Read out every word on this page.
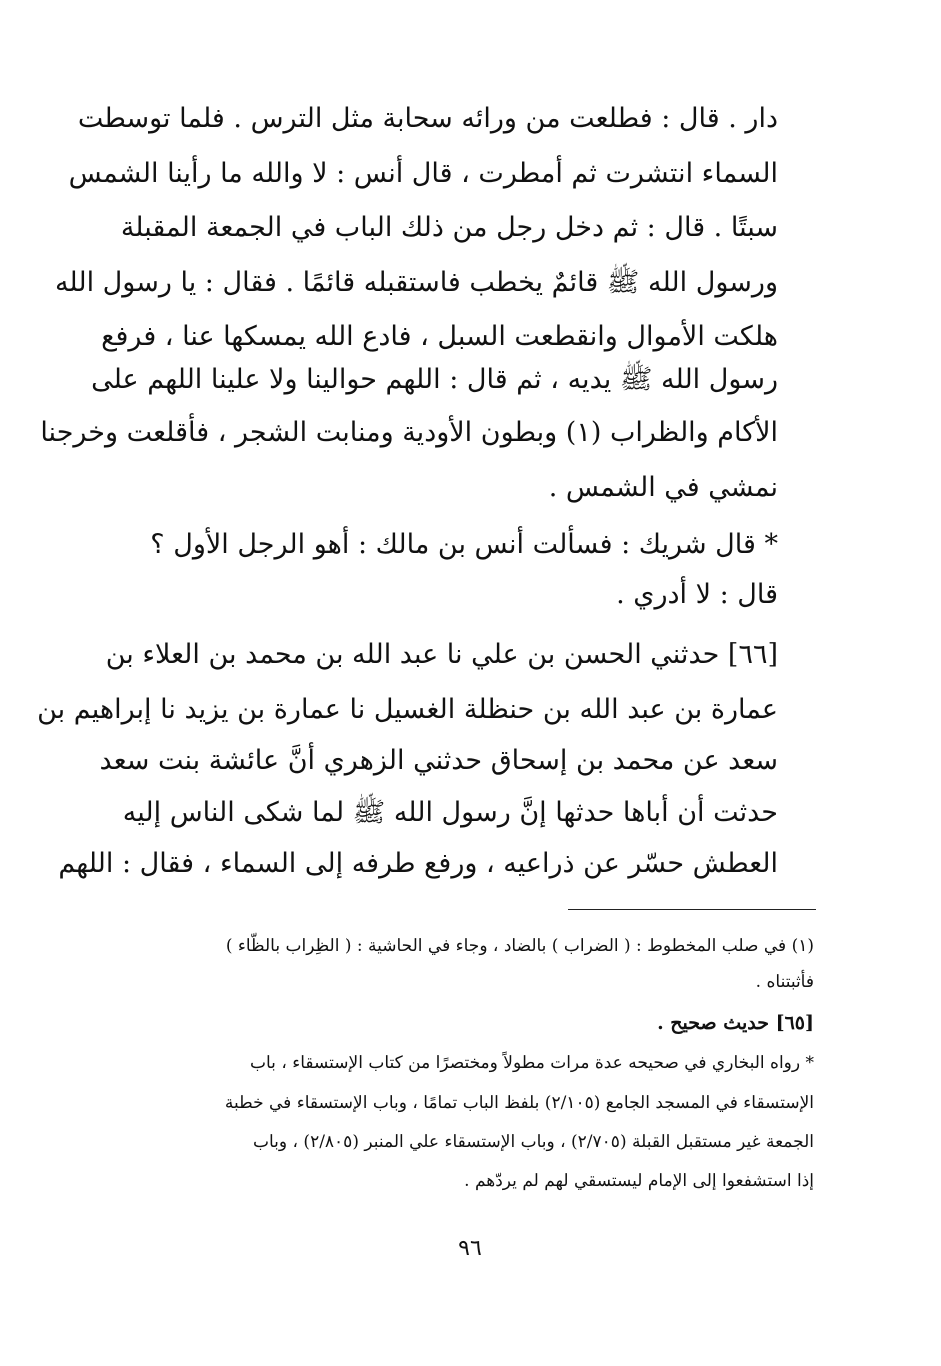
دار . قال : فطلعت من ورائه سحابة مثل الترس . فلما توسطت
السماء انتشرت ثم أمطرت ، قال أنس : لا والله ما رأينا الشمس
سبتًا . قال : ثم دخل رجل من ذلك الباب في الجمعة المقبلة
ورسول الله ﷺ قائمٌ يخطب فاستقبله قائمًا . فقال : يا رسول الله
هلكت الأموال وانقطعت السبل ، فادع الله يمسكها عنا ، فرفع
رسول الله ﷺ يديه ، ثم قال : اللهم حوالينا ولا علينا اللهم على
الأكام والظراب (١) وبطون الأودية ومنابت الشجر ، فأقلعت وخرجنا
نمشي في الشمس .
* قال شريك : فسألت أنس بن مالك : أهو الرجل الأول ؟
قال : لا أدري .
[٦٦] حدثني الحسن بن علي نا عبد الله بن محمد بن العلاء بن
عمارة بن عبد الله بن حنظلة الغسيل نا عمارة بن يزيد نا إبراهيم بن
سعد عن محمد بن إسحاق حدثني الزهري أنَّ عائشة بنت سعد
حدثت أن أباها حدثها إنَّ رسول الله ﷺ لما شكى الناس إليه
العطش حسّر عن ذراعيه ، ورفع طرفه إلى السماء ، فقال : اللهم
(١) في صلب المخطوط : ( الضراب ) بالضاد ، وجاء في الحاشية : ( الظِراب بالظّاء )
فأثبتناه .
[٦٥] حديث صحيح .
* رواه البخاري في صحيحه عدة مرات مطولاً ومختصرًا من كتاب الإستسقاء ، باب
الإستسقاء في المسجد الجامع (٢/١٠٥) بلفظ الباب تمامًا ، وباب الإستسقاء في خطبة
الجمعة غير مستقبل القبلة (٢/٧٠٥) ، وباب الإستسقاء علي المنبر (٢/٨٠٥) ، وباب
إذا استشفعوا إلى الإمام ليستسقي لهم لم يردّهم .
٩٦
